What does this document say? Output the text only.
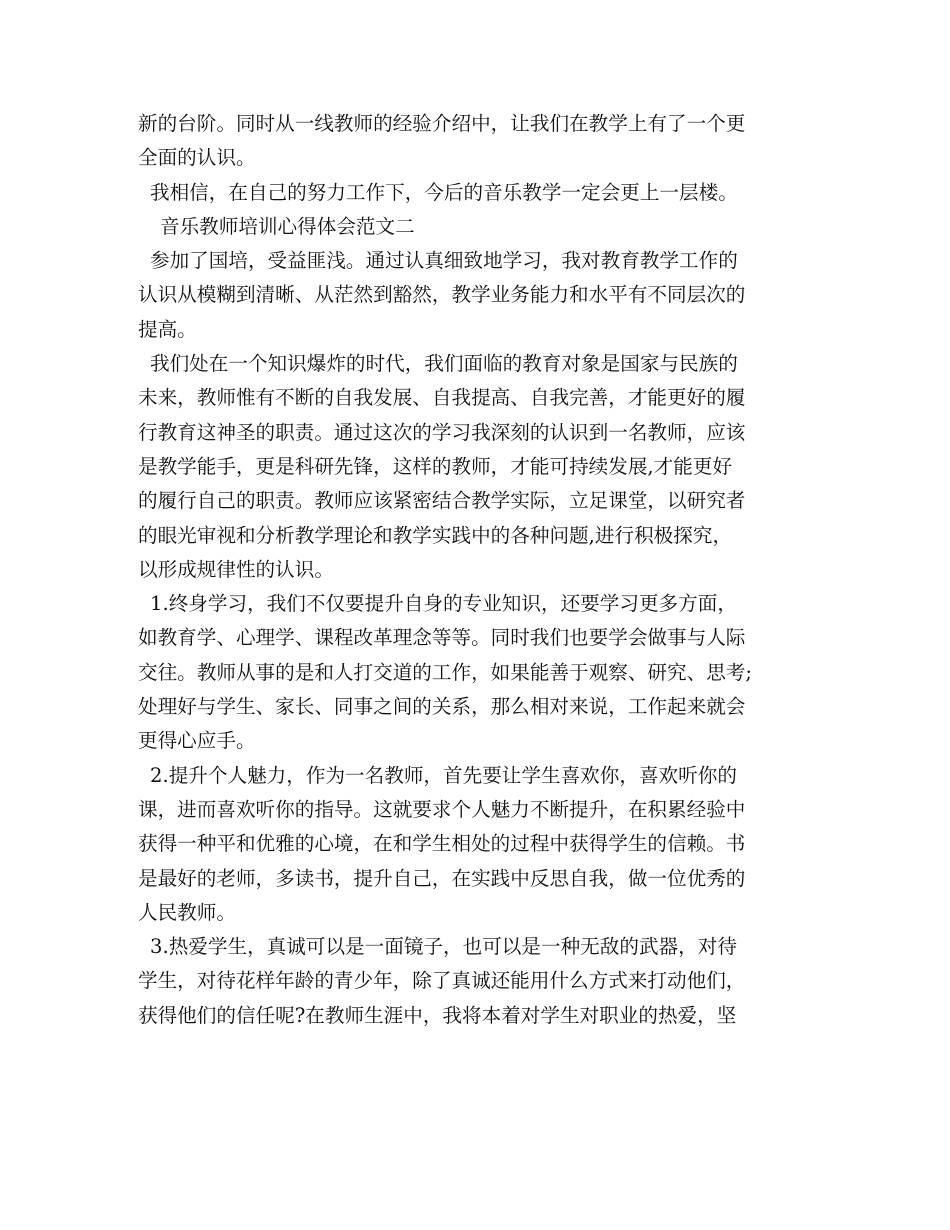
新的台阶。同时从一线教师的经验介绍中，让我们在教学上有了一个更
全面的认识。
我相信，在自己的努力工作下，今后的音乐教学一定会更上一层楼。
音乐教师培训心得体会范文二
参加了国培，受益匪浅。通过认真细致地学习，我对教育教学工作的
认识从模糊到清晰、从茫然到豁然，教学业务能力和水平有不同层次的
提高。
我们处在一个知识爆炸的时代，我们面临的教育对象是国家与民族的
未来，教师惟有不断的自我发展、自我提高、自我完善，才能更好的履
行教育这神圣的职责。通过这次的学习我深刻的认识到一名教师，应该
是教学能手，更是科研先锋，这样的教师，才能可持续发展,才能更好
的履行自己的职责。教师应该紧密结合教学实际，立足课堂，以研究者
的眼光审视和分析教学理论和教学实践中的各种问题,进行积极探究，
以形成规律性的认识。
1.终身学习，我们不仅要提升自身的专业知识，还要学习更多方面，
如教育学、心理学、课程改革理念等等。同时我们也要学会做事与人际
交往。教师从事的是和人打交道的工作，如果能善于观察、研究、思考;
处理好与学生、家长、同事之间的关系，那么相对来说，工作起来就会
更得心应手。
2.提升个人魅力，作为一名教师，首先要让学生喜欢你，喜欢听你的
课，进而喜欢听你的指导。这就要求个人魅力不断提升，在积累经验中
获得一种平和优雅的心境，在和学生相处的过程中获得学生的信赖。书
是最好的老师，多读书，提升自己，在实践中反思自我，做一位优秀的
人民教师。
3.热爱学生，真诚可以是一面镜子，也可以是一种无敌的武器，对待
学生，对待花样年龄的青少年，除了真诚还能用什么方式来打动他们，
获得他们的信任呢?在教师生涯中，我将本着对学生对职业的热爱，坚
